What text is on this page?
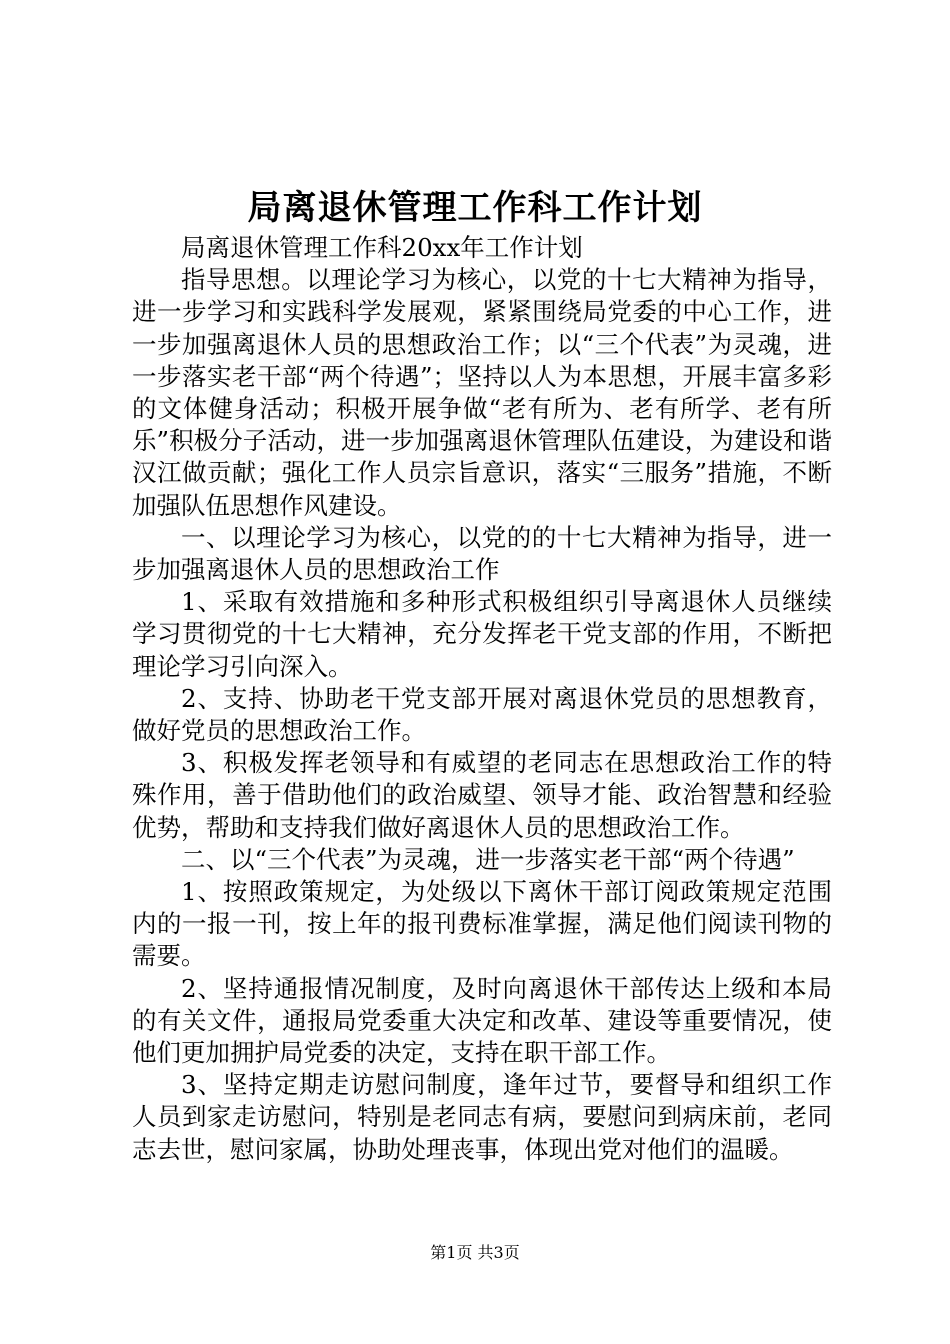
局离退休管理工作科工作计划

局离退休管理工作科20xx年工作计划

指导思想。以理论学习为核心，以党的十七大精神为指导，进一步学习和实践科学发展观，紧紧围绕局党委的中心工作，进一步加强离退休人员的思想政治工作；以“三个代表”为灵魂，进一步落实老干部“两个待遇”；坚持以人为本思想，开展丰富多彩的文体健身活动；积极开展争做“老有所为、老有所学、老有所乐”积极分子活动，进一步加强离退休管理队伍建设，为建设和谐汉江做贡献；强化工作人员宗旨意识，落实“三服务”措施，不断加强队伍思想作风建设。

一、以理论学习为核心，以党的的十七大精神为指导，进一步加强离退休人员的思想政治工作

1、采取有效措施和多种形式积极组织引导离退休人员继续学习贯彻党的十七大精神，充分发挥老干党支部的作用，不断把理论学习引向深入。

2、支持、协助老干党支部开展对离退休党员的思想教育，做好党员的思想政治工作。

3、积极发挥老领导和有威望的老同志在思想政治工作的特殊作用，善于借助他们的政治威望、领导才能、政治智慧和经验优势，帮助和支持我们做好离退休人员的思想政治工作。

二、以“三个代表”为灵魂，进一步落实老干部“两个待遇”

1、按照政策规定，为处级以下离休干部订阅政策规定范围内的一报一刊，按上年的报刊费标准掌握，满足他们阅读刊物的需要。

2、坚持通报情况制度，及时向离退休干部传达上级和本局的有关文件，通报局党委重大决定和改革、建设等重要情况，使他们更加拥护局党委的决定，支持在职干部工作。

3、坚持定期走访慰问制度，逢年过节，要督导和组织工作人员到家走访慰问，特别是老同志有病，要慰问到病床前，老同志去世，慰问家属，协助处理丧事，体现出党对他们的温暖。

第1页 共3页
